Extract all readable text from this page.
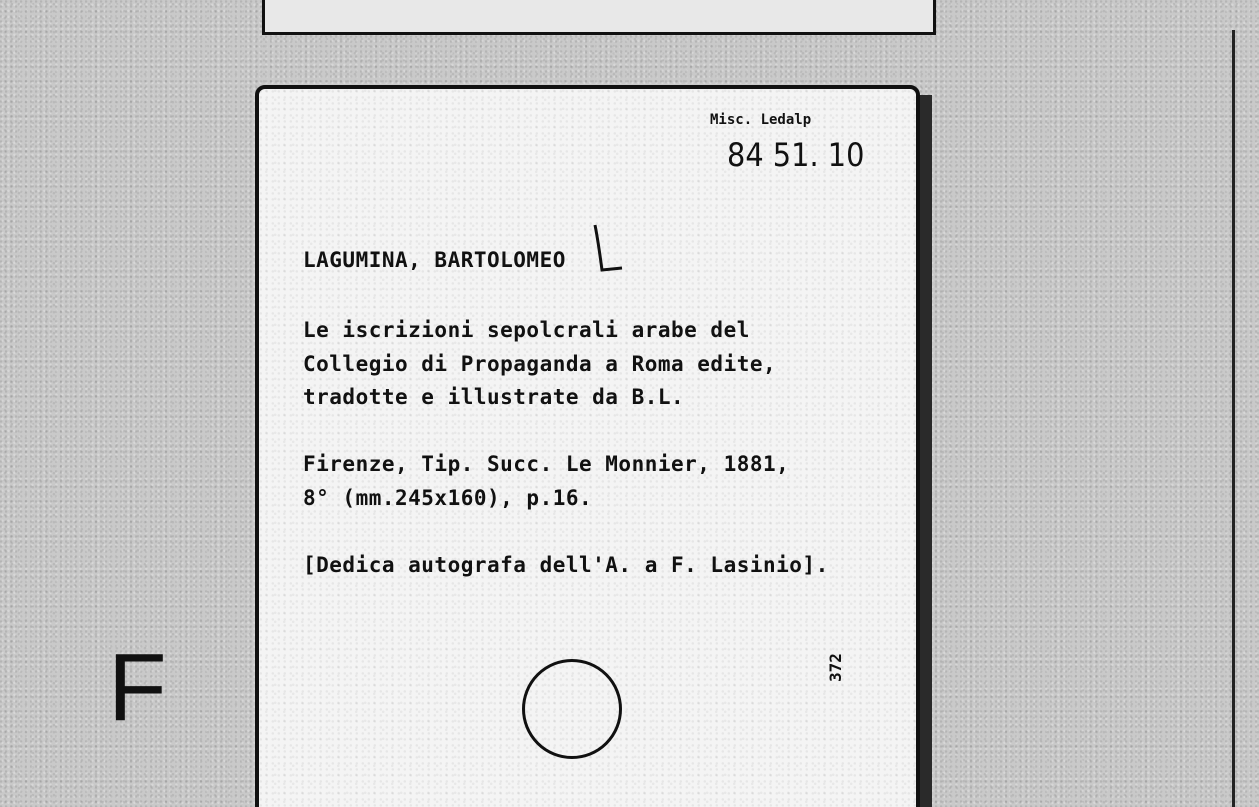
Misc. Ledalp
84 51. 10
LAGUMINA, BARTOLOMEO
Le iscrizioni sepolcrali arabe del
Collegio di Propaganda a Roma edite,
tradotte e illustrate da B.L.
Firenze, Tip. Succ. Le Monnier, 1881,
8° (mm.245x160), p.16.
[Dedica autografa dell'A. a F. Lasinio].
372
F
